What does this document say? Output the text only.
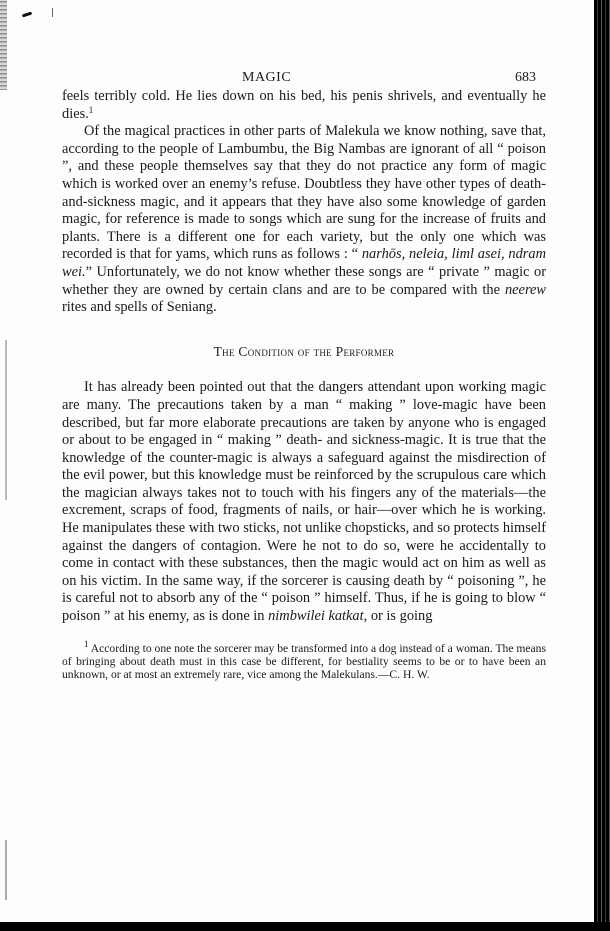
MAGIC	683

feels terribly cold. He lies down on his bed, his penis shrivels, and eventually he dies.$^1$

Of the magical practices in other parts of Malekula we know nothing, save that, according to the people of Lambumbu, the Big Nambas are ignorant of all “ poison ”, and these people themselves say that they do not practice any form of magic which is worked over an enemy’s refuse. Doubtless they have other types of death-and-sickness magic, and it appears that they have also some knowledge of garden magic, for reference is made to songs which are sung for the increase of fruits and plants. There is a different one for each variety, but the only one which was recorded is that for yams, which runs as follows : “ narhōs, neleia, liml asei, ndram wei.” Unfortunately, we do not know whether these songs are “ private ” magic or whether they are owned by certain clans and are to be compared with the neerew rites and spells of Seniang.

The Condition of the Performer

It has already been pointed out that the dangers attendant upon working magic are many. The precautions taken by a man “ making ” love-magic have been described, but far more elaborate precautions are taken by anyone who is engaged or about to be engaged in “ making ” death- and sickness-magic. It is true that the knowledge of the counter-magic is always a safeguard against the misdirection of the evil power, but this knowledge must be reinforced by the scrupulous care which the magician always takes not to touch with his fingers any of the materials—the excrement, scraps of food, fragments of nails, or hair—over which he is working. He manipulates these with two sticks, not unlike chopsticks, and so protects himself against the dangers of contagion. Were he not to do so, were he accidentally to come in contact with these substances, then the magic would act on him as well as on his victim. In the same way, if the sorcerer is causing death by “ poisoning ”, he is careful not to absorb any of the “ poison ” himself. Thus, if he is going to blow “ poison ” at his enemy, as is done in nimbwilei katkat, or is going

$^1$ According to one note the sorcerer may be transformed into a dog instead of a woman. The means of bringing about death must in this case be different, for bestiality seems to be or to have been an unknown, or at most an extremely rare, vice among the Malekulans.—C. H. W.
